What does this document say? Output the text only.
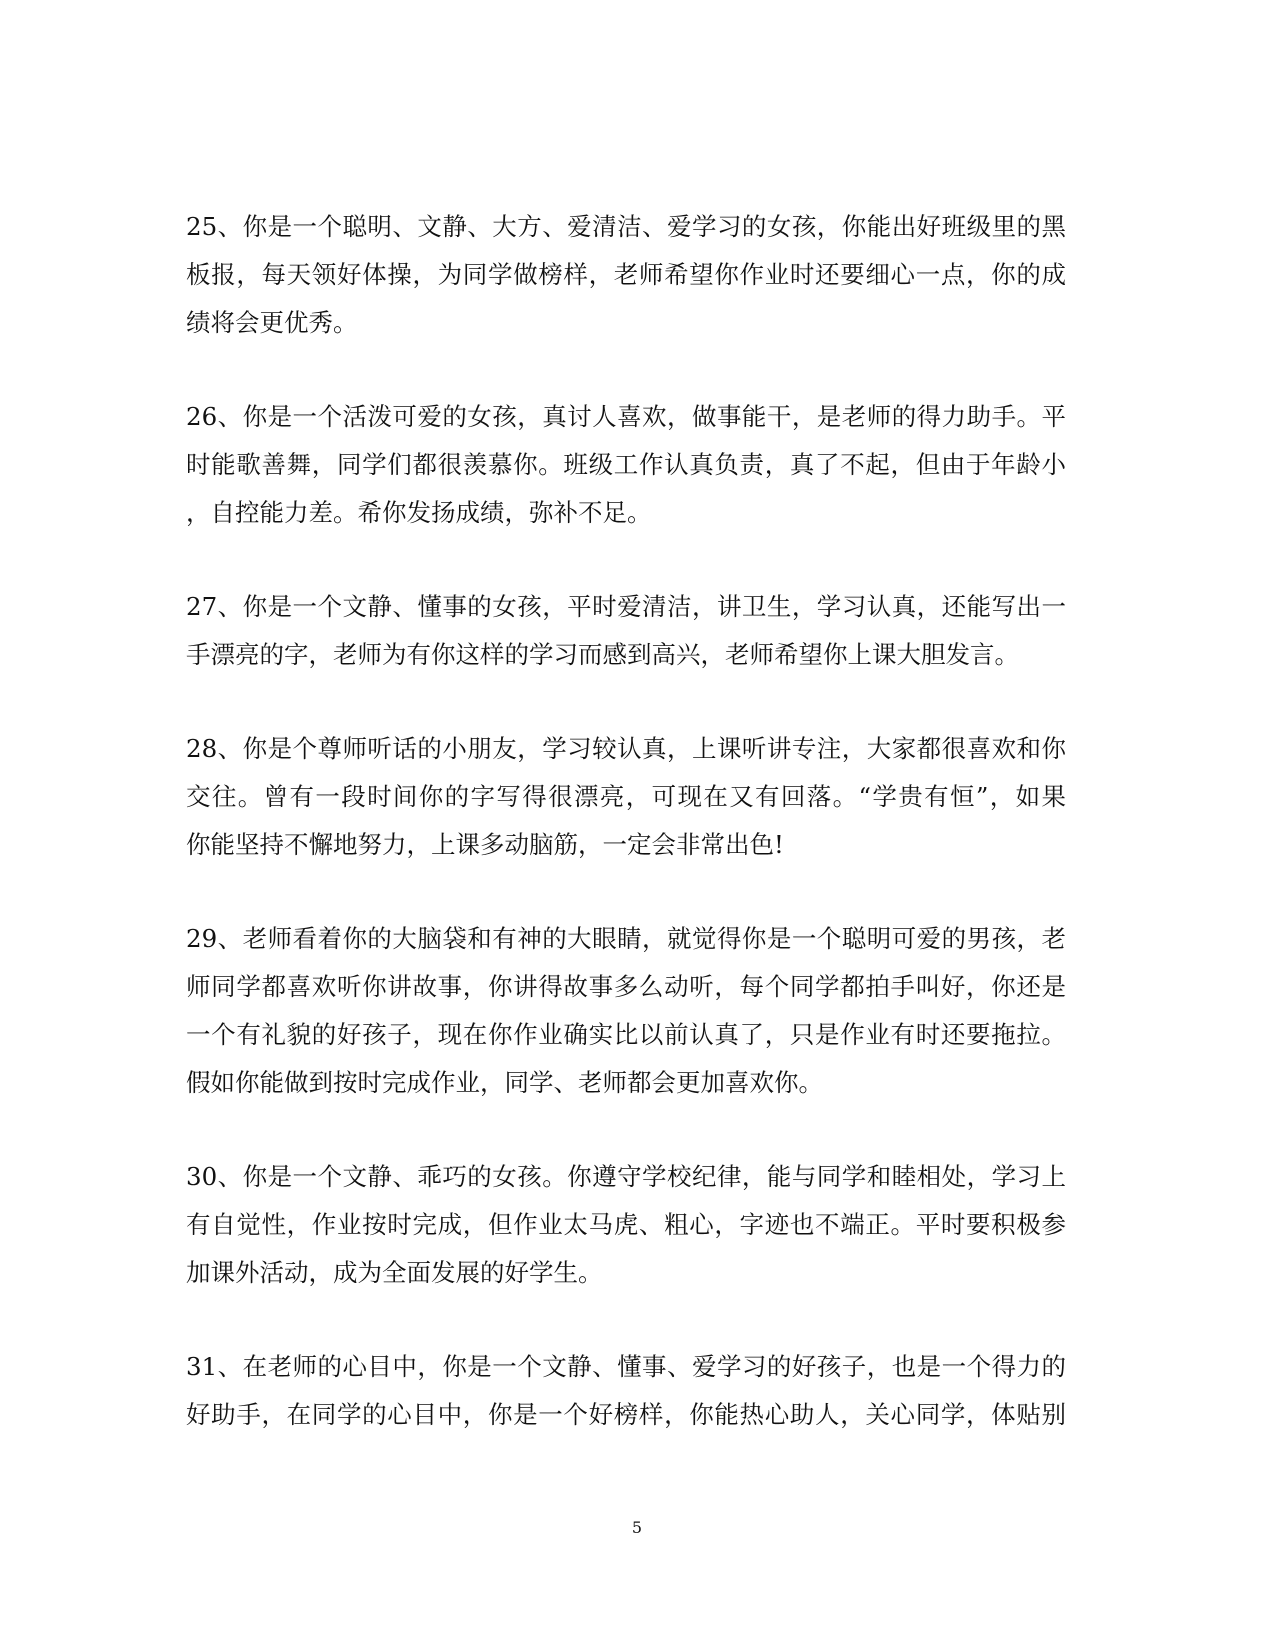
25、你是一个聪明、文静、大方、爱清洁、爱学习的女孩，你能出好班级里的黑
板报，每天领好体操，为同学做榜样，老师希望你作业时还要细心一点，你的成
绩将会更优秀。
26、你是一个活泼可爱的女孩，真讨人喜欢，做事能干，是老师的得力助手。平
时能歌善舞，同学们都很羡慕你。班级工作认真负责，真了不起，但由于年龄小
，自控能力差。希你发扬成绩，弥补不足。
27、你是一个文静、懂事的女孩，平时爱清洁，讲卫生，学习认真，还能写出一
手漂亮的字，老师为有你这样的学习而感到高兴，老师希望你上课大胆发言。
28、你是个尊师听话的小朋友，学习较认真，上课听讲专注，大家都很喜欢和你
交往。曾有一段时间你的字写得很漂亮，可现在又有回落。“学贵有恒”，如果
你能坚持不懈地努力，上课多动脑筋，一定会非常出色!
29、老师看着你的大脑袋和有神的大眼睛，就觉得你是一个聪明可爱的男孩，老
师同学都喜欢听你讲故事，你讲得故事多么动听，每个同学都拍手叫好，你还是
一个有礼貌的好孩子，现在你作业确实比以前认真了，只是作业有时还要拖拉。
假如你能做到按时完成作业，同学、老师都会更加喜欢你。
30、你是一个文静、乖巧的女孩。你遵守学校纪律，能与同学和睦相处，学习上
有自觉性，作业按时完成，但作业太马虎、粗心，字迹也不端正。平时要积极参
加课外活动，成为全面发展的好学生。
31、在老师的心目中，你是一个文静、懂事、爱学习的好孩子，也是一个得力的
好助手，在同学的心目中，你是一个好榜样，你能热心助人，关心同学，体贴别
5
